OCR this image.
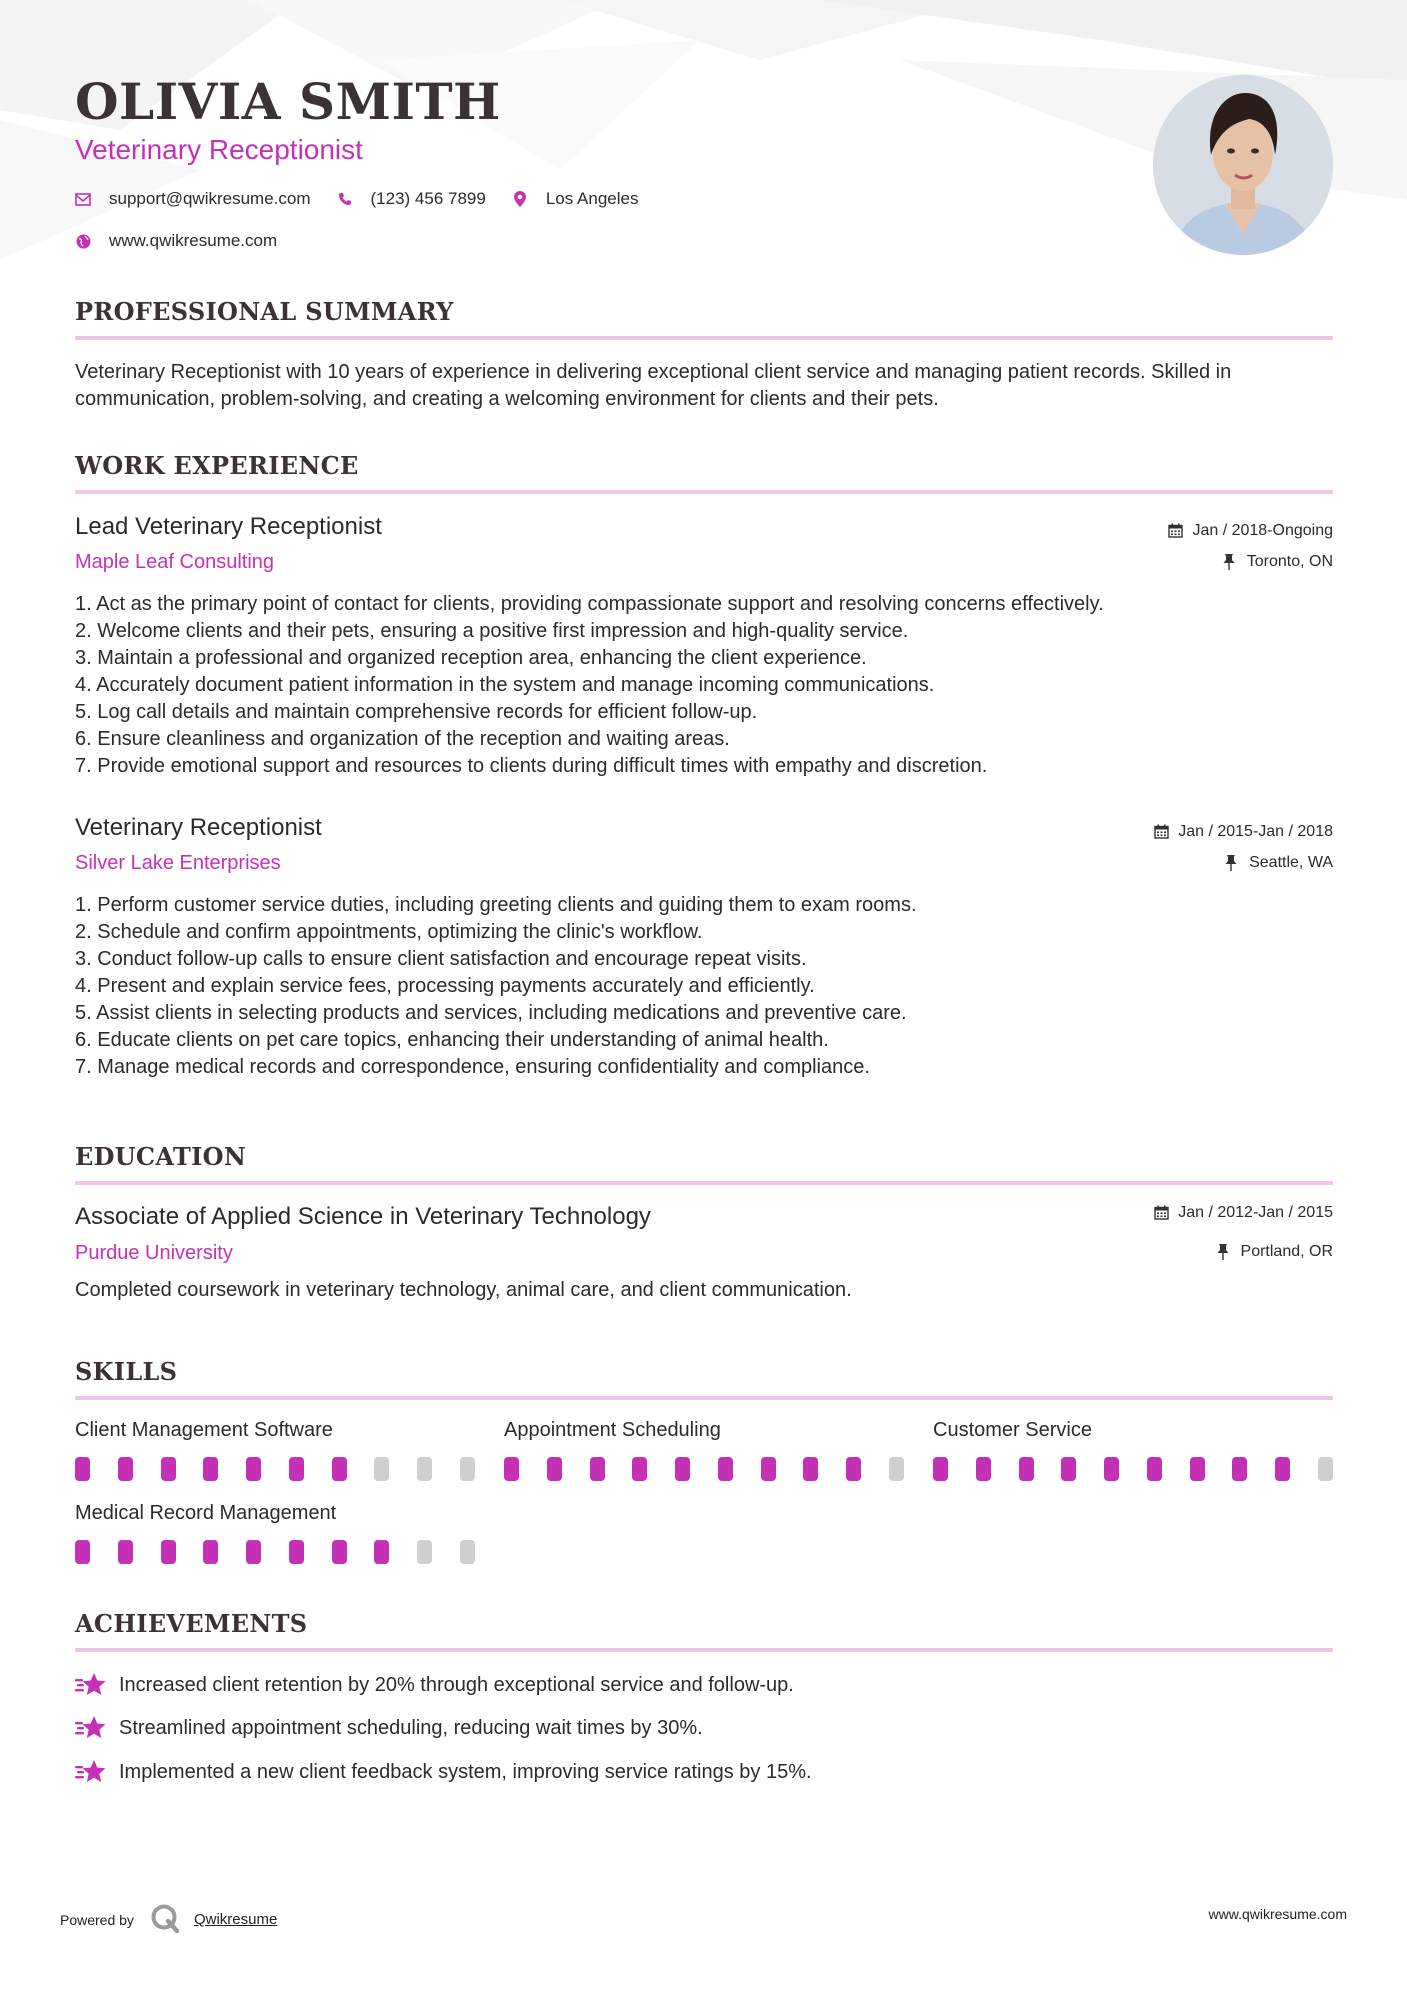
OLIVIA SMITH

Veterinary Receptionist

support@qwikresume.com	(123) 456 7899	Los Angeles
www.qwikresume.com
PROFESSIONAL SUMMARY

Veterinary Receptionist with 10 years of experience in delivering exceptional client service and managing patient records. Skilled in communication, problem-solving, and creating a welcoming environment for clients and their pets.

WORK EXPERIENCE

Lead Veterinary Receptionist

Maple Leaf Consulting

Jan / 2018-Ongoing
Toronto, ON
1. Act as the primary point of contact for clients, providing compassionate support and resolving concerns effectively.
2. Welcome clients and their pets, ensuring a positive first impression and high-quality service.
3. Maintain a professional and organized reception area, enhancing the client experience.
4. Accurately document patient information in the system and manage incoming communications.
5. Log call details and maintain comprehensive records for efficient follow-up.
6. Ensure cleanliness and organization of the reception and waiting areas.
7. Provide emotional support and resources to clients during difficult times with empathy and discretion.

Veterinary Receptionist

Silver Lake Enterprises

Jan / 2015-Jan / 2018
Seattle, WA
1. Perform customer service duties, including greeting clients and guiding them to exam rooms.
2. Schedule and confirm appointments, optimizing the clinic's workflow.
3. Conduct follow-up calls to ensure client satisfaction and encourage repeat visits.
4. Present and explain service fees, processing payments accurately and efficiently.
5. Assist clients in selecting products and services, including medications and preventive care.
6. Educate clients on pet care topics, enhancing their understanding of animal health.
7. Manage medical records and correspondence, ensuring confidentiality and compliance.
EDUCATION

Associate of Applied Science in Veterinary Technology

Purdue University

Jan / 2012-Jan / 2015
Portland, OR

Completed coursework in veterinary technology, animal care, and client communication.

SKILLS

Client Management Software	Appointment Scheduling	Customer Service

Medical Record Management

ACHIEVEMENTS
Increased client retention by 20% through exceptional service and follow-up.
Streamlined appointment scheduling, reducing wait times by 30%.
Implemented a new client feedback system, improving service ratings by 15%.
Powered by	Qwikresume	www.qwikresume.com
